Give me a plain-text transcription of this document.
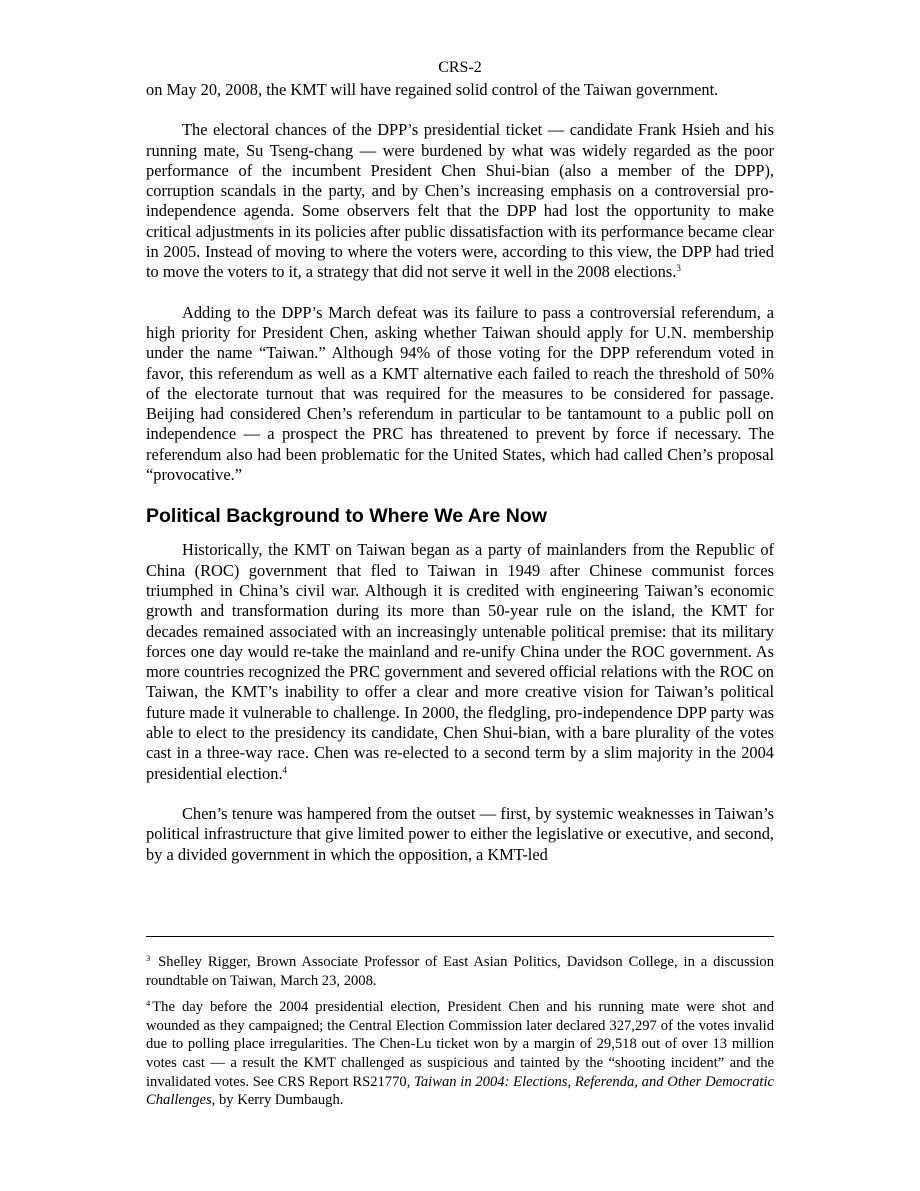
CRS-2

on May 20, 2008, the KMT will have regained solid control of the Taiwan government.

The electoral chances of the DPP’s presidential ticket — candidate Frank Hsieh and his running mate, Su Tseng-chang — were burdened by what was widely regarded as the poor performance of the incumbent President Chen Shui-bian (also a member of the DPP), corruption scandals in the party, and by Chen’s increasing emphasis on a controversial pro-independence agenda. Some observers felt that the DPP had lost the opportunity to make critical adjustments in its policies after public dissatisfaction with its performance became clear in 2005. Instead of moving to where the voters were, according to this view, the DPP had tried to move the voters to it, a strategy that did not serve it well in the 2008 elections.$^3$

Adding to the DPP’s March defeat was its failure to pass a controversial referendum, a high priority for President Chen, asking whether Taiwan should apply for U.N. membership under the name “Taiwan.” Although 94% of those voting for the DPP referendum voted in favor, this referendum as well as a KMT alternative each failed to reach the threshold of 50% of the electorate turnout that was required for the measures to be considered for passage. Beijing had considered Chen’s referendum in particular to be tantamount to a public poll on independence — a prospect the PRC has threatened to prevent by force if necessary. The referendum also had been problematic for the United States, which had called Chen’s proposal “provocative.”

Political Background to Where We Are Now

Historically, the KMT on Taiwan began as a party of mainlanders from the Republic of China (ROC) government that fled to Taiwan in 1949 after Chinese communist forces triumphed in China’s civil war. Although it is credited with engineering Taiwan’s economic growth and transformation during its more than 50-year rule on the island, the KMT for decades remained associated with an increasingly untenable political premise: that its military forces one day would re-take the mainland and re-unify China under the ROC government. As more countries recognized the PRC government and severed official relations with the ROC on Taiwan, the KMT’s inability to offer a clear and more creative vision for Taiwan’s political future made it vulnerable to challenge. In 2000, the fledgling, pro-independence DPP party was able to elect to the presidency its candidate, Chen Shui-bian, with a bare plurality of the votes cast in a three-way race. Chen was re-elected to a second term by a slim majority in the 2004 presidential election.$^4$

Chen’s tenure was hampered from the outset — first, by systemic weaknesses in Taiwan’s political infrastructure that give limited power to either the legislative or executive, and second, by a divided government in which the opposition, a KMT-led

$^3$ Shelley Rigger, Brown Associate Professor of East Asian Politics, Davidson College, in a discussion roundtable on Taiwan, March 23, 2008.

$^4$ The day before the 2004 presidential election, President Chen and his running mate were shot and wounded as they campaigned; the Central Election Commission later declared 327,297 of the votes invalid due to polling place irregularities. The Chen-Lu ticket won by a margin of 29,518 out of over 13 million votes cast — a result the KMT challenged as suspicious and tainted by the “shooting incident” and the invalidated votes. See CRS Report RS21770, Taiwan in 2004: Elections, Referenda, and Other Democratic Challenges, by Kerry Dumbaugh.
